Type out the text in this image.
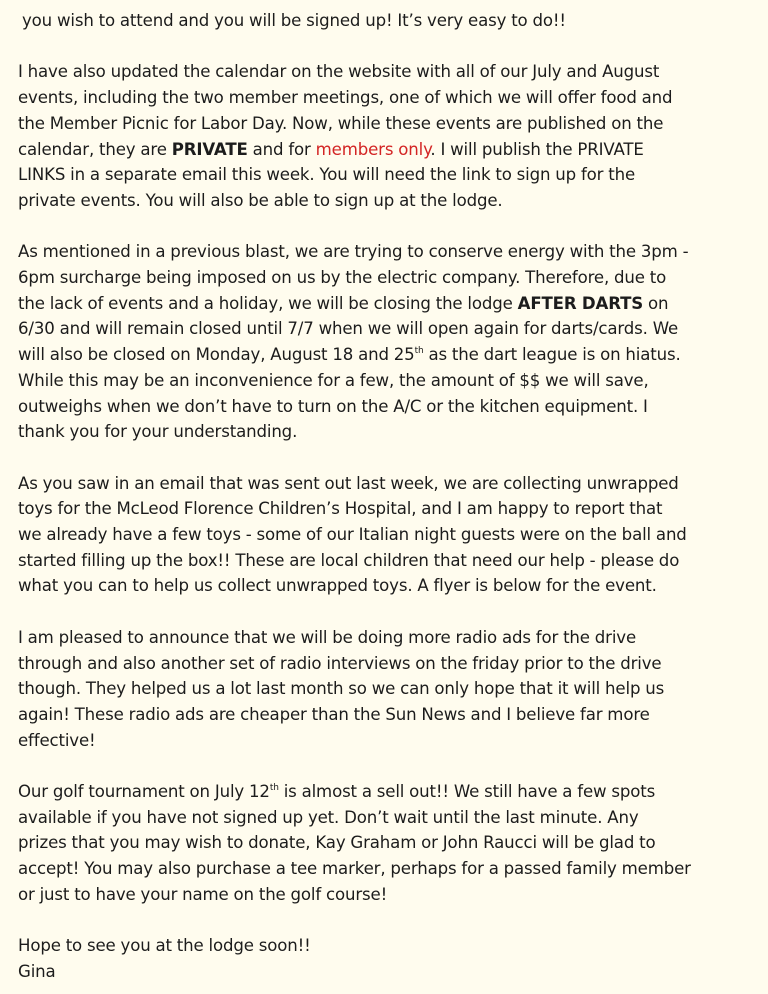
you wish to attend and you will be signed up! It’s very easy to do!!

I have also updated the calendar on the website with all of our July and August
events, including the two member meetings, one of which we will offer food and
the Member Picnic for Labor Day. Now, while these events are published on the
calendar, they are PRIVATE and for members only. I will publish the PRIVATE
LINKS in a separate email this week. You will need the link to sign up for the
private events. You will also be able to sign up at the lodge.

As mentioned in a previous blast, we are trying to conserve energy with the 3pm -
6pm surcharge being imposed on us by the electric company. Therefore, due to
the lack of events and a holiday, we will be closing the lodge AFTER DARTS on
6/30 and will remain closed until 7/7 when we will open again for darts/cards. We
will also be closed on Monday, August 18 and 25th as the dart league is on hiatus.
While this may be an inconvenience for a few, the amount of $$ we will save,
outweighs when we don’t have to turn on the A/C or the kitchen equipment. I
thank you for your understanding.

As you saw in an email that was sent out last week, we are collecting unwrapped
toys for the McLeod Florence Children’s Hospital, and I am happy to report that
we already have a few toys - some of our Italian night guests were on the ball and
started filling up the box!! These are local children that need our help - please do
what you can to help us collect unwrapped toys. A flyer is below for the event.

I am pleased to announce that we will be doing more radio ads for the drive
through and also another set of radio interviews on the friday prior to the drive
though. They helped us a lot last month so we can only hope that it will help us
again! These radio ads are cheaper than the Sun News and I believe far more
effective!

Our golf tournament on July 12th is almost a sell out!! We still have a few spots
available if you have not signed up yet. Don’t wait until the last minute. Any
prizes that you may wish to donate, Kay Graham or John Raucci will be glad to
accept! You may also purchase a tee marker, perhaps for a passed family member
or just to have your name on the golf course!

Hope to see you at the lodge soon!!
Gina
